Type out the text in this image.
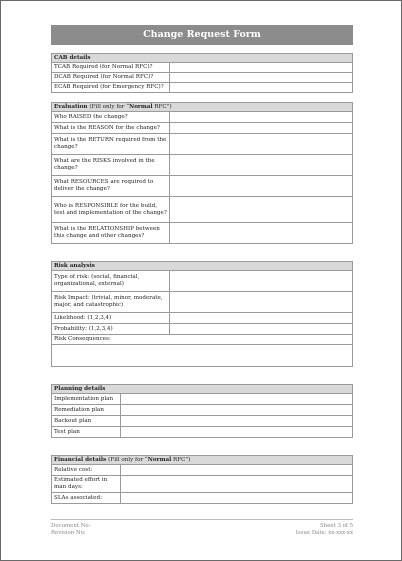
Change Request Form
CAB details	
TCAB Required (for Normal RFC)?	
DCAB Required (for Normal RFC)?	
ECAB Required (for Emergency RFC)?	
Evaluation (Fill only for “Normal RFC”)	
Who RAISED the change?	
What is the REASON for the change?	
What is the RETURN required from the change?	
What are the RISKS involved in the change?	
What RESOURCES are required to deliver the change?	
Who is RESPONSIBLE for the build, test and implementation of the change?	
What is the RELATIONSHIP between this change and other changes?	
Risk analysis	
Type of risk: (social, financial, organizational, external)	
Risk Impact: (trivial, minor, moderate, major, and catastrophic)	
Likelihood: (1,2,3,4)	
Probability: (1,2,3,4)	
Risk Consequences:	

Planning details	
Implementation plan	
Remediation plan	
Backout plan	
Test plan	
Financial details (Fill only for “Normal RFC”)	
Relative cost:	
Estimated effort in man days:	
SLAs associated:	
Document No:
Revision No:
Sheet 3 of 5
Issue Date: xx-xxx-xx
